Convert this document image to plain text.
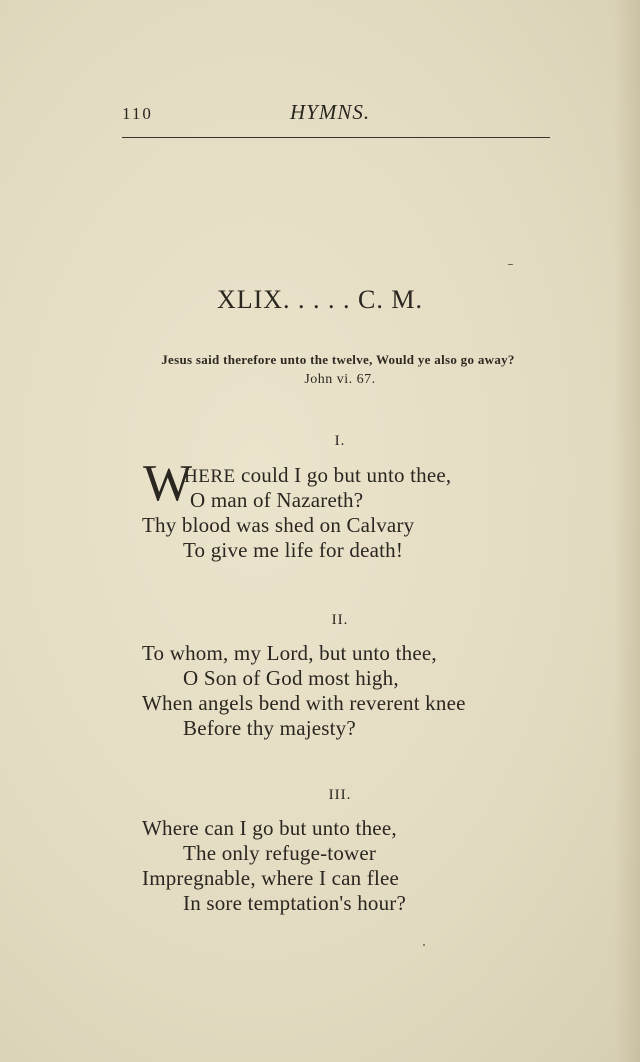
110	HYMNS.
XLIX. . . . . C. M.
Jesus said therefore unto the twelve, Would ye also go away?
John vi. 67.
I.
W
HERE could I go but unto thee,
O man of Nazareth?
Thy blood was shed on Calvary
To give me life for death!
II.
To whom, my Lord, but unto thee,
O Son of God most high,
When angels bend with reverent knee
Before thy majesty?
III.
Where can I go but unto thee,
The only refuge-tower
Impregnable, where I can flee
In sore temptation's hour?
